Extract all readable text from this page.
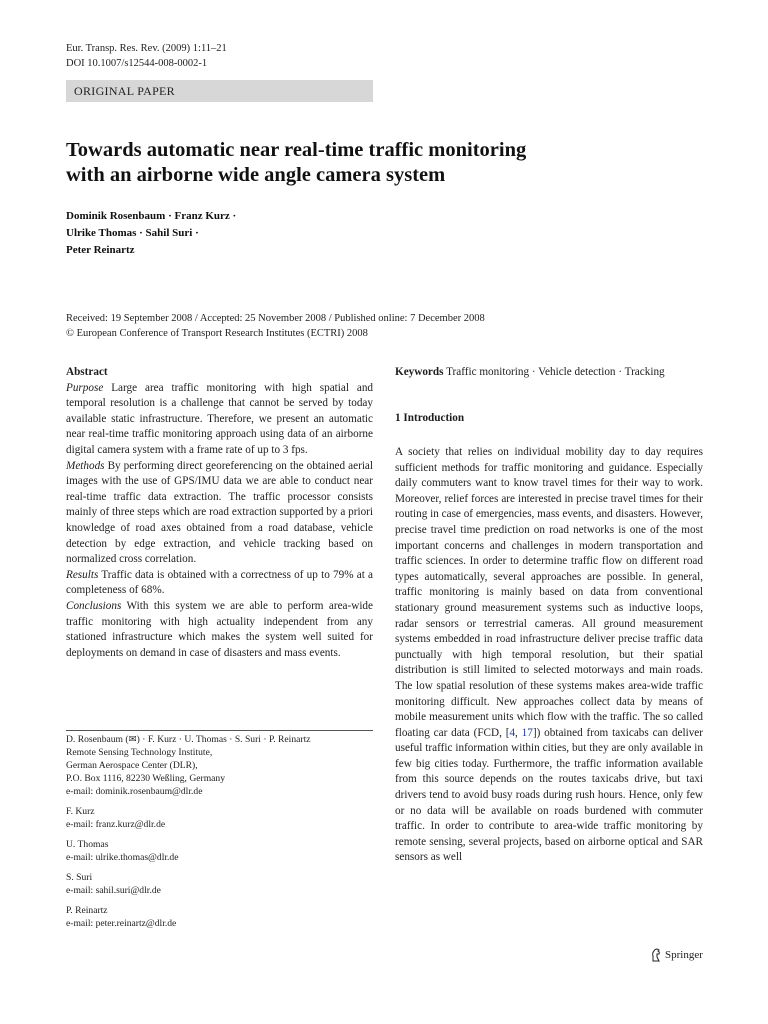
Eur. Transp. Res. Rev. (2009) 1:11–21
DOI 10.1007/s12544-008-0002-1
ORIGINAL PAPER
Towards automatic near real-time traffic monitoring
with an airborne wide angle camera system
Dominik Rosenbaum · Franz Kurz ·
Ulrike Thomas · Sahil Suri ·
Peter Reinartz
Received: 19 September 2008 / Accepted: 25 November 2008 / Published online: 7 December 2008
© European Conference of Transport Research Institutes (ECTRI) 2008
Abstract

Purpose Large area traffic monitoring with high spatial and temporal resolution is a challenge that cannot be served by today available static infrastructure. Therefore, we present an automatic near real-time traffic monitoring approach using data of an airborne digital camera system with a frame rate of up to 3 fps.

Methods By performing direct georeferencing on the obtained aerial images with the use of GPS/IMU data we are able to conduct near real-time traffic data extraction. The traffic processor consists mainly of three steps which are road extraction supported by a priori knowledge of road axes obtained from a road database, vehicle detection by edge extraction, and vehicle tracking based on normalized cross correlation.

Results Traffic data is obtained with a correctness of up to 79% at a completeness of 68%.

Conclusions With this system we are able to perform area-wide traffic monitoring with high actuality independent from any stationed infrastructure which makes the system well suited for deployments on demand in case of disasters and mass events.

D. Rosenbaum (✉) · F. Kurz · U. Thomas · S. Suri · P. Reinartz
Remote Sensing Technology Institute,
German Aerospace Center (DLR),
P.O. Box 1116, 82230 Weßling, Germany
e-mail: dominik.rosenbaum@dlr.de
F. Kurz
e-mail: franz.kurz@dlr.de
U. Thomas
e-mail: ulrike.thomas@dlr.de
S. Suri
e-mail: sahil.suri@dlr.de
P. Reinartz
e-mail: peter.reinartz@dlr.de
Keywords Traffic monitoring · Vehicle detection · Tracking
1 Introduction
A society that relies on individual mobility day to day requires sufficient methods for traffic monitoring and guidance. Especially daily commuters want to know travel times for their way to work. Moreover, relief forces are interested in precise travel times for their routing in case of emergencies, mass events, and disasters. However, precise travel time prediction on road networks is one of the most important concerns and challenges in modern transportation and traffic sciences. In order to determine traffic flow on different road types automatically, several approaches are possible. In general, traffic monitoring is mainly based on data from conventional stationary ground measurement systems such as inductive loops, radar sensors or terrestrial cameras. All ground measurement systems embedded in road infrastructure deliver precise traffic data punctually with high temporal resolution, but their spatial distribution is still limited to selected motorways and main roads. The low spatial resolution of these systems makes area-wide traffic monitoring difficult. New approaches collect data by means of mobile measurement units which flow with the traffic. The so called floating car data (FCD, [4, 17]) obtained from taxicabs can deliver useful traffic information within cities, but they are only available in few big cities today. Furthermore, the traffic information available from this source depends on the routes taxicabs drive, but taxi drivers tend to avoid busy roads during rush hours. Hence, only few or no data will be available on roads burdened with commuter traffic. In order to contribute to area-wide traffic monitoring by remote sensing, several projects, based on airborne optical and SAR sensors as well
Springer
